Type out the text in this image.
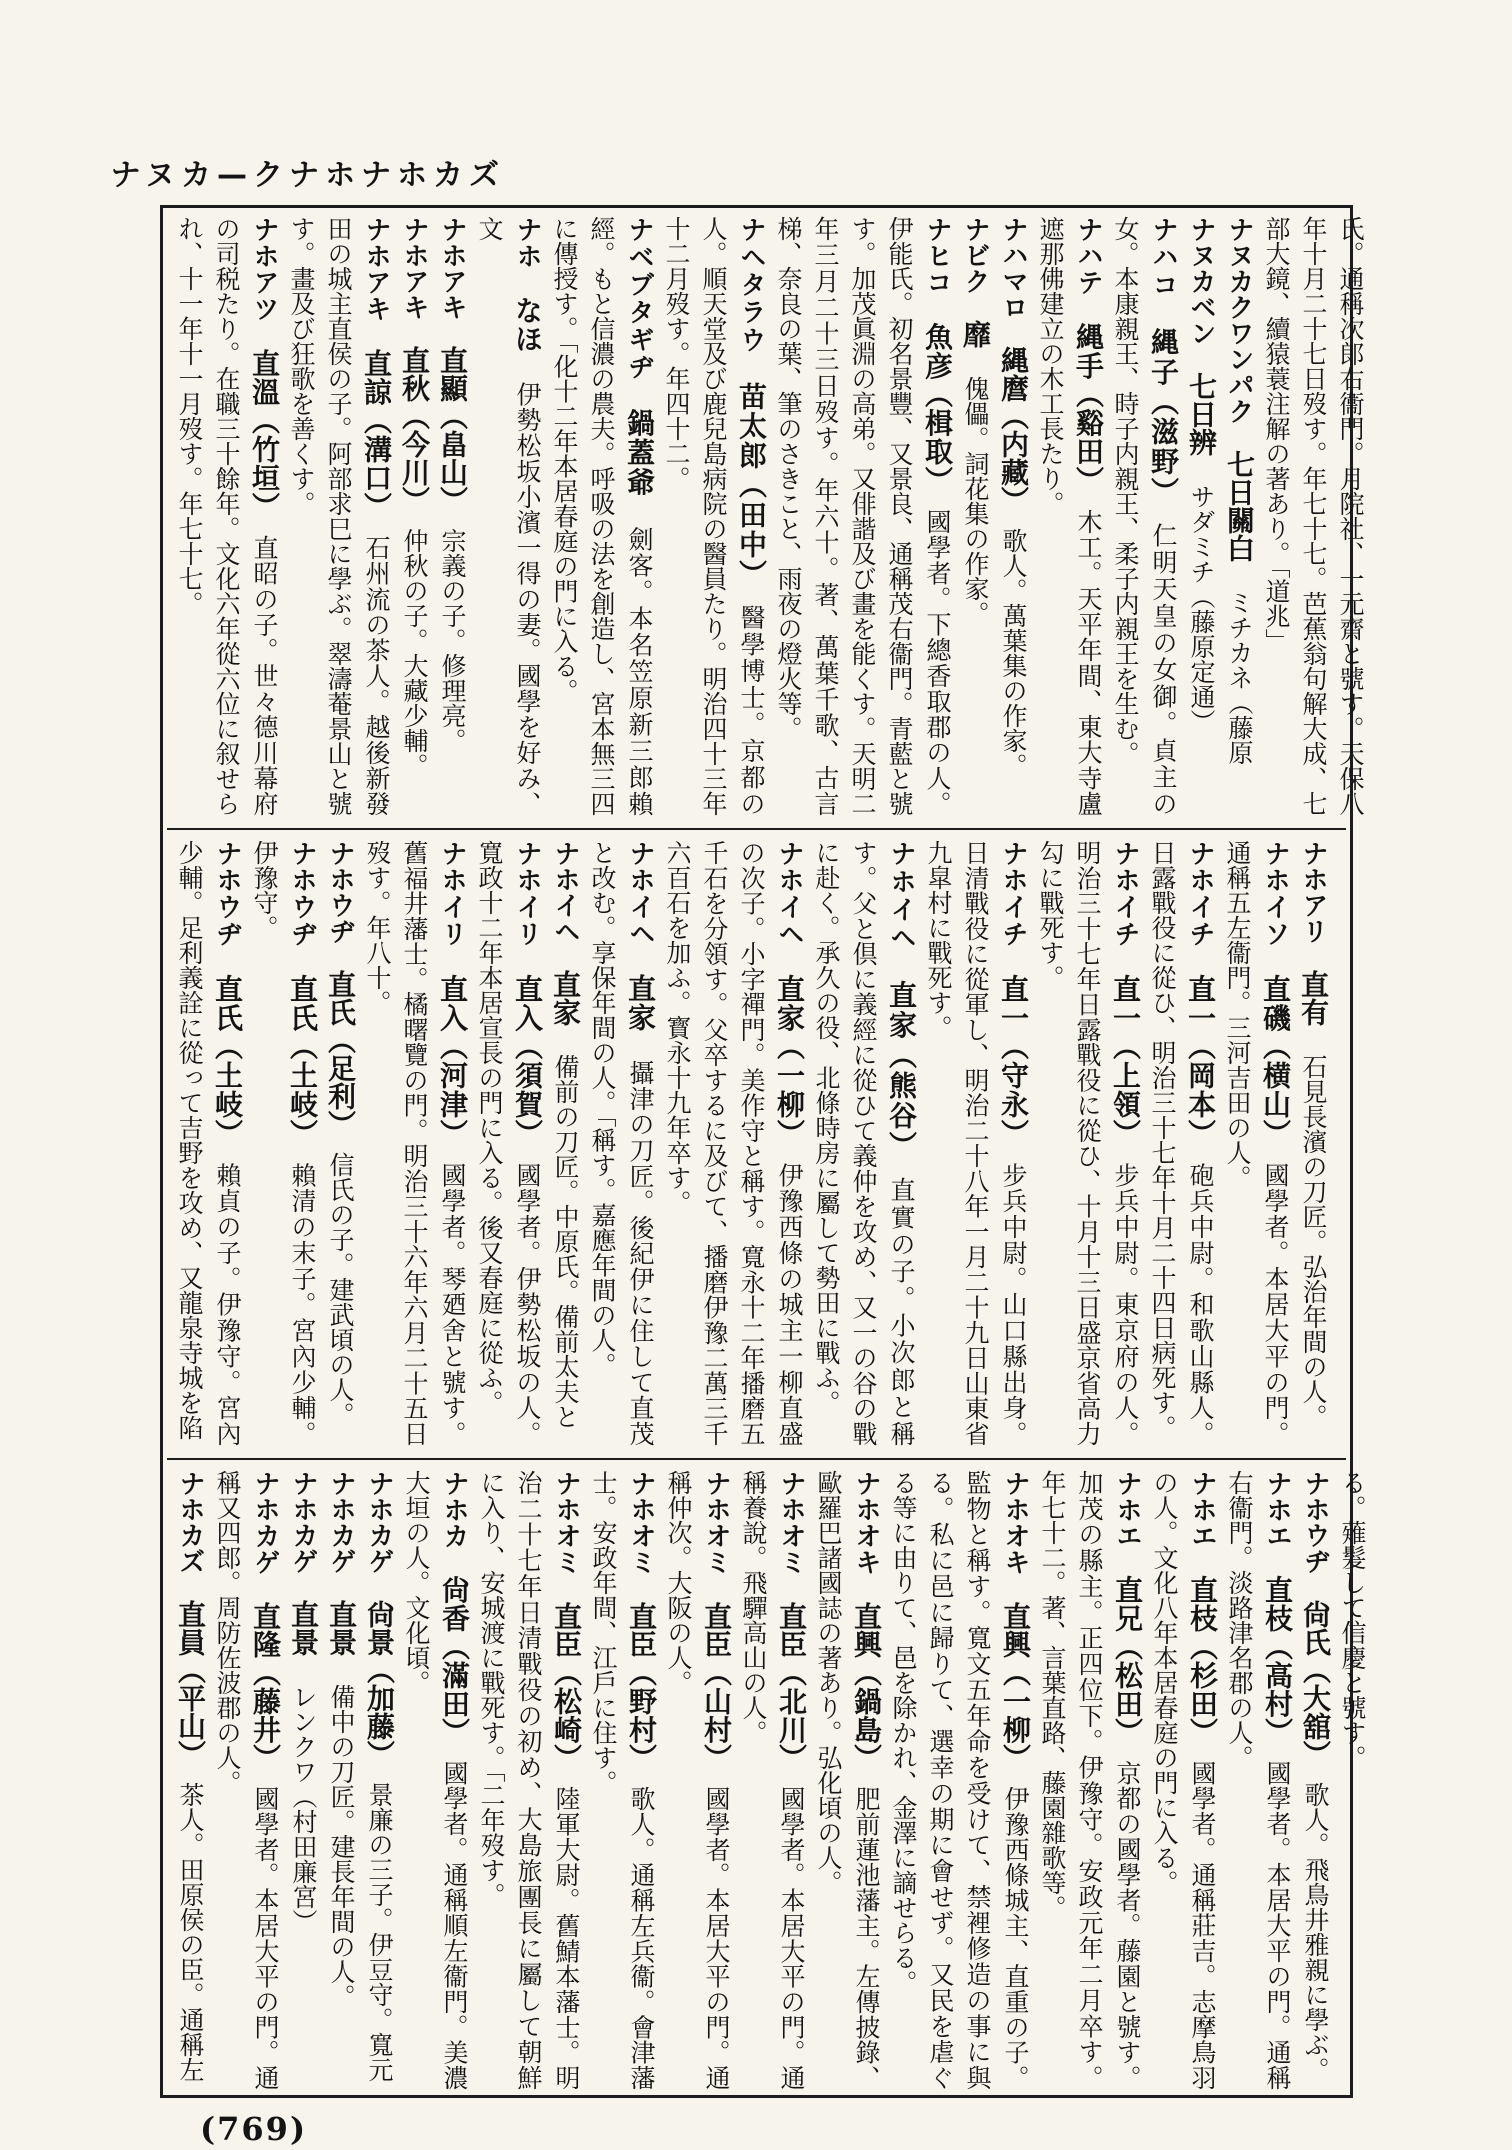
ナヌカ—クナホナホカズ
氏。通稱次郎右衞門。月院社、一元齋と號す。天保八年十月二十七日歿す。年七十七。芭蕉翁句解大成、七部大鏡、續猿蓑注解の著あり。「道兆」
ナヌカクワンパク　七日關白　ミチカネ（藤原
ナヌカベン　七日辨　サダミチ（藤原定通）
ナハコ　縄子（滋野）　仁明天皇の女御。貞主の女。本康親王、時子内親王、柔子内親王を生む。
ナハテ　縄手（谿田）　木工。天平年間、東大寺盧遮那佛建立の木工長たり。
ナハマロ　縄麿（内藏）　歌人。萬葉集の作家。
ナビク　靡　傀儡。詞花集の作家。
ナヒコ　魚彦（楫取）　國學者。下總香取郡の人。伊能氏。初名景豐、又景良、通稱茂右衞門。青藍と號す。加茂眞淵の高弟。又俳諧及び畫を能くす。天明二年三月二十三日歿す。年六十。著、萬葉千歌、古言梯、奈良の葉、筆のさきこと、雨夜の燈火等。
ナヘタラウ　苗太郎（田中）　醫學博士。京都の人。順天堂及び鹿兒島病院の醫員たり。明治四十三年十二月歿す。年四十二。
ナベブタギヂ　鍋蓋爺　劍客。本名笠原新三郎賴經。もと信濃の農夫。呼吸の法を創造し、宮本無三四に傳授す。「化十二年本居春庭の門に入る。
ナホ　なほ　伊勢松坂小濱一得の妻。國學を好み、文
ナホアキ　直顯（畠山）　宗義の子。修理亮。
ナホアキ　直秋（今川）　仲秋の子。大藏少輔。
ナホアキ　直諒（溝口）　石州流の茶人。越後新發田の城主直侯の子。阿部求巳に學ぶ。翠濤菴景山と號す。畫及び狂歌を善くす。
ナホアツ　直溫（竹垣）　直昭の子。世々德川幕府の司税たり。在職三十餘年。文化六年從六位に叙せられ、十一年十一月歿す。年七十七。
ナホアリ　直有　石見長濱の刀匠。弘治年間の人。
ナホイソ　直磯（横山）　國學者。本居大平の門。通稱五左衞門。三河吉田の人。
ナホイチ　直一（岡本）　砲兵中尉。和歌山縣人。日露戰役に從ひ、明治三十七年十月二十四日病死す。
ナホイチ　直一（上領）　步兵中尉。東京府の人。明治三十七年日露戰役に從ひ、十月十三日盛京省高力勾に戰死す。
ナホイチ　直一（守永）　步兵中尉。山口縣出身。日清戰役に從軍し、明治二十八年一月二十九日山東省九皐村に戰死す。
ナホイヘ　直家（熊谷）　直實の子。小次郎と稱す。父と倶に義經に從ひて義仲を攻め、又一の谷の戰に赴く。承久の役、北條時房に屬して勢田に戰ふ。
ナホイヘ　直家（一柳）　伊豫西條の城主一柳直盛の次子。小字禪門。美作守と稱す。寬永十二年播磨五千石を分領す。父卒するに及びて、播磨伊豫二萬三千六百石を加ふ。寳永十九年卒す。
ナホイヘ　直家　攝津の刀匠。後紀伊に住して直茂と改む。享保年間の人。「稱す。嘉應年間の人。
ナホイヘ　直家　備前の刀匠。中原氏。備前太夫と
ナホイリ　直入（須賀）　國學者。伊勢松坂の人。寬政十二年本居宣長の門に入る。後又春庭に從ふ。
ナホイリ　直入（河津）　國學者。琴廼舍と號す。舊福井藩士。橘曙覽の門。明治三十六年六月二十五日歿す。年八十。
ナホウヂ　直氏（足利）　信氏の子。建武頃の人。
ナホウヂ　直氏（土岐）　賴清の末子。宮內少輔。伊豫守。
ナホウヂ　直氏（土岐）　賴貞の子。伊豫守。宮內少輔。足利義詮に從って吉野を攻め、又龍泉寺城を陷
る。薙髮して信慶と號す。
ナホウヂ　尙氏（大舘）　歌人。飛鳥井雅親に學ぶ。
ナホエ　直枝（高村）　國學者。本居大平の門。通稱右衞門。淡路津名郡の人。
ナホエ　直枝（杉田）　國學者。通稱莊吉。志摩鳥羽の人。文化八年本居春庭の門に入る。
ナホエ　直兄（松田）　京都の國學者。藤園と號す。加茂の縣主。正四位下。伊豫守。安政元年二月卒す。年七十二。著、言葉直路、藤園雜歌等。
ナホオキ　直興（一柳）　伊豫西條城主、直重の子。監物と稱す。寬文五年命を受けて、禁裡修造の事に與る。私に邑に歸りて、選幸の期に會せず。又民を虐ぐる等に由りて、邑を除かれ、金澤に謫せらる。
ナホオキ　直興（鍋島）　肥前蓮池藩主。左傳披錄、歐羅巴諸國誌の著あり。弘化頃の人。
ナホオミ　直臣（北川）　國學者。本居大平の門。通稱養說。飛驒高山の人。
ナホオミ　直臣（山村）　國學者。本居大平の門。通稱仲次。大阪の人。
ナホオミ　直臣（野村）　歌人。通稱左兵衞。會津藩士。安政年間、江戶に住す。
ナホオミ　直臣（松崎）　陸軍大尉。舊鯖本藩士。明治二十七年日清戰役の初め、大島旅團長に屬して朝鮮に入り、安城渡に戰死す。「二年歿す。
ナホカ　尙香（滿田）　國學者。通稱順左衞門。美濃大垣の人。文化頃。
ナホカゲ　尙景（加藤）　景廉の三子。伊豆守。寬元
ナホカゲ　直景　備中の刀匠。建長年間の人。
ナホカゲ　直景　レンクワ（村田廉宮）
ナホカゲ　直隆（藤井）　國學者。本居大平の門。通稱又四郎。周防佐波郡の人。
ナホカズ　直員（平山）　茶人。田原侯の臣。通稱左
(769)
